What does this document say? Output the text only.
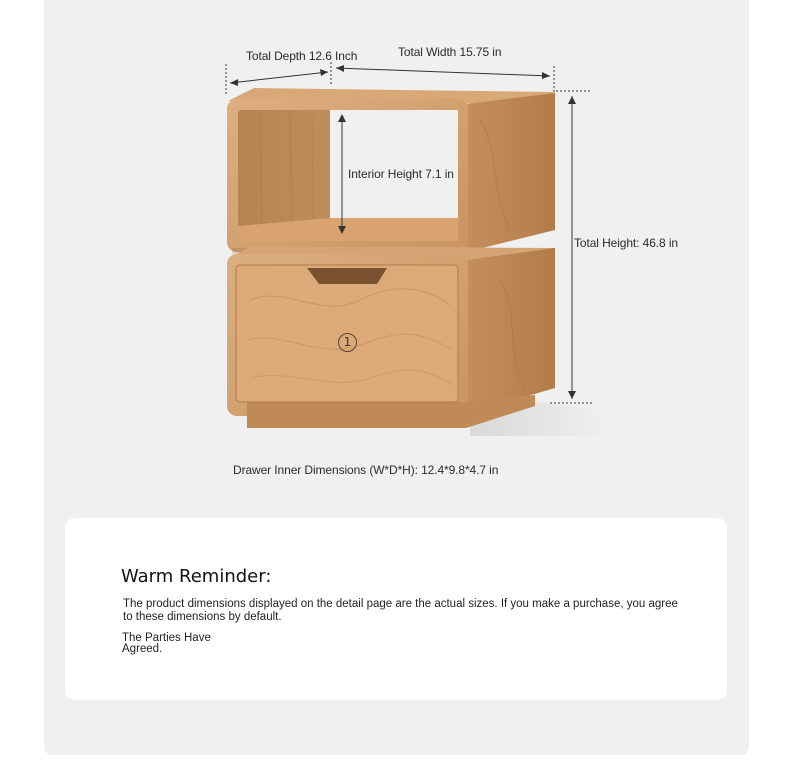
Total Depth 12.6 Inch	Total Width 15.75 in
Interior Height 7.1 in
Total Height: 46.8 in
1
Drawer Inner Dimensions (W*D*H): 12.4*9.8*4.7 in
Warm Reminder:
The product dimensions displayed on the detail page are the actual sizes. If you make a purchase, you agree to these dimensions by default.
The Parties Have Agreed.
